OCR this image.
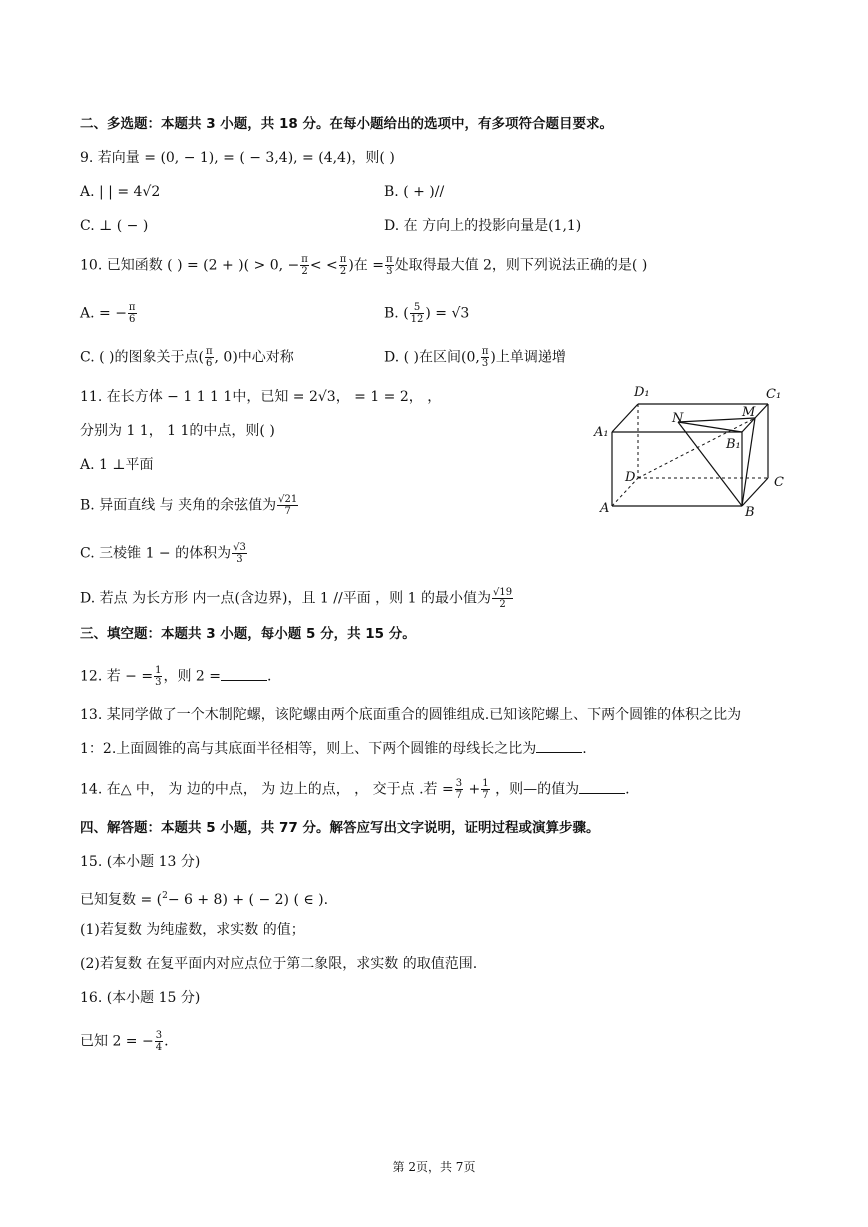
二、多选题：本题共 3 小题，共 18 分。在每小题给出的选项中，有多项符合题目要求。
9. 若向量 = (0, − 1), = ( − 3,4), = (4,4)，则( )
A. | | = 4√2	B. ( + )//
C. ⊥ ( − )	D. 在 方向上的投影向量是(1,1)
10. 已知函数 ( ) = (2 + )( > 0, − $\frac{\pi}{2}$ < < $\frac{\pi}{2}$ )在 = $\frac{\pi}{3}$ 处取得最大值 2，则下列说法正确的是( )
A. = − $\frac{\pi}{6}$	B. ( $\frac{5}{12}$ ) = √3
C. ( )的图象关于点( $\frac{\pi}{6}$ , 0)中心对称	D. ( )在区间(0, $\frac{\pi}{3}$ )上单调递增
11. 在长方体 − 1 1 1 1中，已知 = 2√3， = 1 = 2， ，
分别为 1 1， 1 1的中点，则( )
A. 1 ⊥平面
B. 异面直线 与 夹角的余弦值为 $\frac{√21}{7}$
C. 三棱锥 1 − 的体积为 $\frac{√3}{3}$
D. 若点 为长方形 内一点(含边界)，且 1 //平面 ，则 1 的最小值为 $\frac{√19}{2}$
D₁	C₁
A₁
B₁
N	M
D	C
A	B
三、填空题：本题共 3 小题，每小题 5 分，共 15 分。
12. 若 − = $\frac{1}{3}$ ，则 2 =	.
13. 某同学做了一个木制陀螺，该陀螺由两个底面重合的圆锥组成.已知该陀螺上、下两个圆锥的体积之比为
1：2.上面圆锥的高与其底面半径相等，则上、下两个圆锥的母线长之比为	.
14. 在△ 中， 为 边的中点， 为 边上的点， ， 交于点 .若 = $\frac{3}{7} + \frac{1}{7}$ ，则—的值为	.
四、解答题：本题共 5 小题，共 77 分。解答应写出文字说明，证明过程或演算步骤。
15. (本小题 13 分)
已知复数 = ($^2$− 6 + 8) + ( − 2) ( ∈ ).
(1)若复数 为纯虚数，求实数 的值；
(2)若复数 在复平面内对应点位于第二象限，求实数 的取值范围.
16. (本小题 15 分)
已知 2 = − $\frac{3}{4}$ .
第 2页，共 7页
